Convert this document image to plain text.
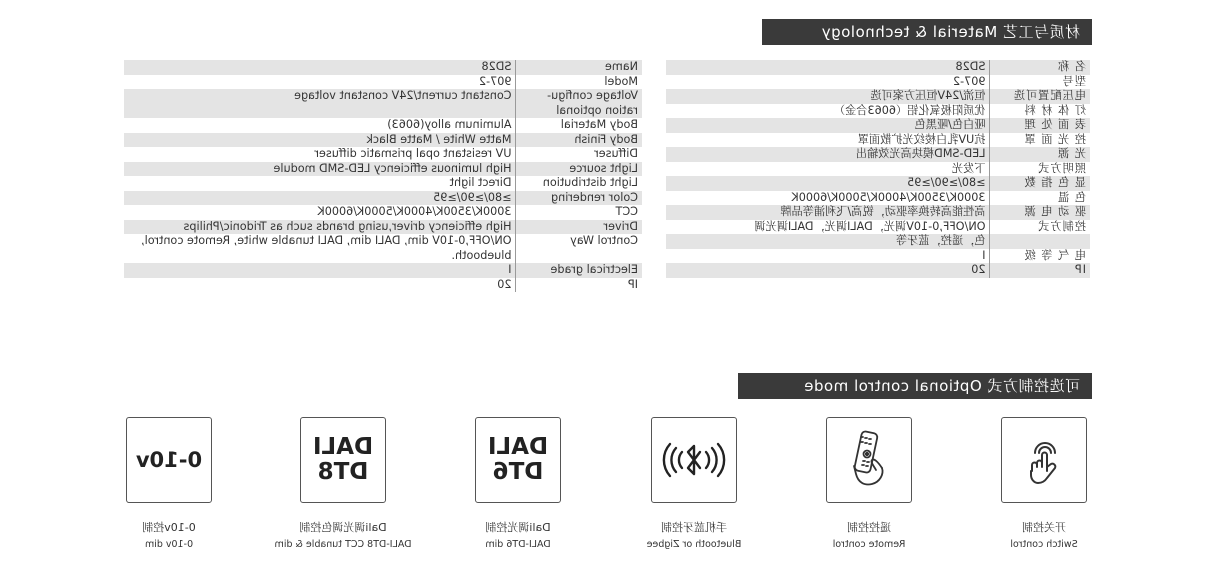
材质与工艺 Material & technology
名 称	SD28
型号	907-2
电压配置可选	恒流/24V恒压方案可选
灯 体 材 料	优质阳极氧化铝（6063合金）
表 面 处 理	哑白色/哑黑色
控 光 面 罩	抗UV乳白棱纹光扩散面罩
光 源	LED-SMD模块高光效输出
照明方式	下发光
显 色 指 数	≥80/≥90/≥95
色 温	3000K/3500K/4000K/5000K/6000K
驱 动 电 源	高性能高转换率驱动，锐高/飞利浦等品牌
控制方式	ON/OFF,0-10V调光，DALI调光，DALI调光调
	色，遥控，蓝牙等
电 气 等 级	I
IP	20
Name	SD28
Model	907-2
Voltage configu-ration optional	Constant current/24V constant voltage
Body Material	Aluminum alloy(6063)
Body Finish	Matte White / Matte Black
Diffuser	UV resistant opal prismatic diffuser
Light source	High luminous efficiency LED-SMD module
Light distribution	Direct light
Color rendering	≥80/≥90/≥95
CCT	3000K/3500K/4000K/5000K/6000K
Driver	High efficiency driver,using brands such as Tridonic/Philips
Control Way	ON/OFF,0-10V dim, DALI dim, DALI tunable white, Remote control, bluebooth.
Electrical grade	I
IP	20
可选控制方式 Optional control mode
开关控制
Switch control
遥控控制
Remote control
手机蓝牙控制
Bluetooth or Zigbee
DALI
DT6
Dali调光控制
DALI-DT6 dim
DALI
DT8
Dali调光调色控制
DALI-DT8 CCT tunable & dim
0-10v
0-10v控制
0-10v dim
